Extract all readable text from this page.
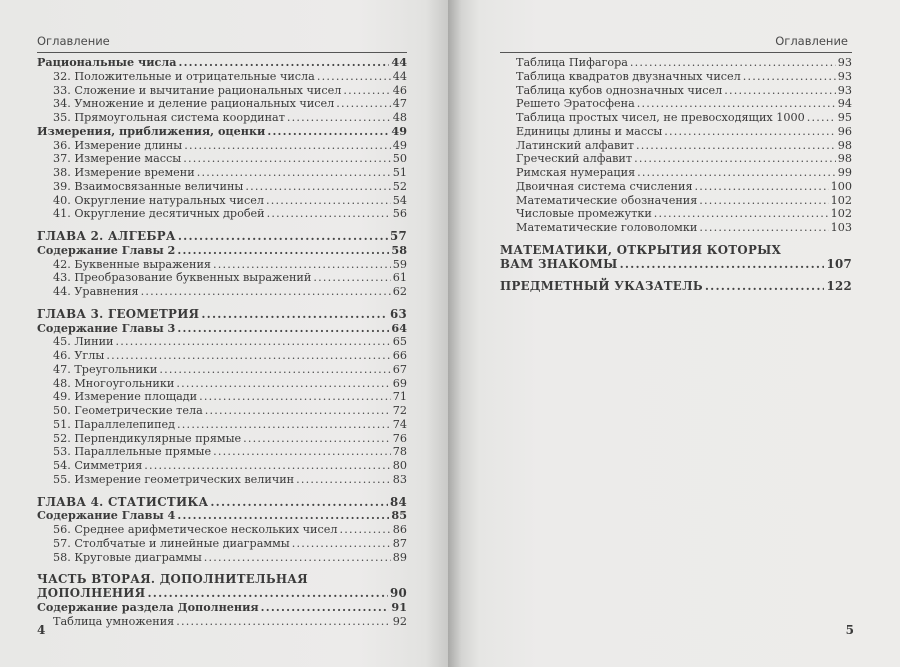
Оглавление
Рациональные числа .....	44
32. Положительные и отрицательные числа .....	44
33. Сложение и вычитание рациональных чисел .....	46
34. Умножение и деление рациональных чисел .....	47
35. Прямоугольная система координат .....	48
Измерения, приближения, оценки .....	49
36. Измерение длины .....	49
37. Измерение массы .....	50
38. Измерение времени .....	51
39. Взаимосвязанные величины .....	52
40. Округление натуральных чисел .....	54
41. Округление десятичных дробей .....	56
ГЛАВА 2. АЛГЕБРА .....	57
Содержание Главы 2 .....	58
42. Буквенные выражения .....	59
43. Преобразование буквенных выражений .....	61
44. Уравнения .....	62
ГЛАВА 3. ГЕОМЕТРИЯ .....	63
Содержание Главы 3 .....	64
45. Линии .....	65
46. Углы .....	66
47. Треугольники .....	67
48. Многоугольники .....	69
49. Измерение площади .....	71
50. Геометрические тела .....	72
51. Параллелепипед .....	74
52. Перпендикулярные прямые .....	76
53. Параллельные прямые .....	78
54. Симметрия .....	80
55. Измерение геометрических величин .....	83
ГЛАВА 4. СТАТИСТИКА .....	84
Содержание Главы 4 .....	85
56. Среднее арифметическое нескольких чисел .....	86
57. Столбчатые и линейные диаграммы .....	87
58. Круговые диаграммы .....	89
ЧАСТЬ ВТОРАЯ. ДОПОЛНИТЕЛЬНАЯ
ДОПОЛНЕНИЯ .....	90
Содержание раздела Дополнения .....	91
Таблица умножения .....	92
4
Оглавление
Таблица Пифагора .....	93
Таблица квадратов двузначных чисел .....	93
Таблица кубов однозначных чисел .....	93
Решето Эратосфена .....	94
Таблица простых чисел, не превосходящих 1000 .....	95
Единицы длины и массы .....	96
Латинский алфавит .....	98
Греческий алфавит .....	98
Римская нумерация .....	99
Двоичная система счисления .....	100
Математические обозначения .....	102
Числовые промежутки .....	102
Математические головоломки .....	103
МАТЕМАТИКИ, ОТКРЫТИЯ КОТОРЫХ
ВАМ ЗНАКОМЫ .....	107
ПРЕДМЕТНЫЙ УКАЗАТЕЛЬ .....	122
5
